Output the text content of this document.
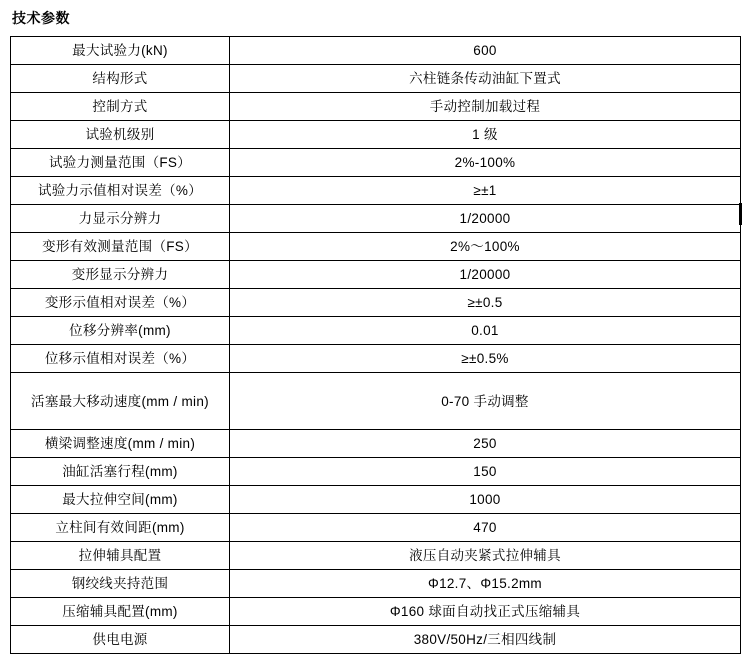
技术参数
最大试验力(kN)	600
结构形式	六柱链条传动油缸下置式
控制方式	手动控制加载过程
试验机级别	1 级
试验力测量范围（FS）	2%-100%
试验力示值相对误差（%）	≥±1
力显示分辨力	1/20000
变形有效测量范围（FS）	2%～100%
变形显示分辨力	1/20000
变形示值相对误差（%）	≥±0.5
位移分辨率(mm)	0.01
位移示值相对误差（%）	≥±0.5%
活塞最大移动速度(mm / min)	0-70 手动调整
横梁调整速度(mm / min)	250
油缸活塞行程(mm)	150
最大拉伸空间(mm)	1000
立柱间有效间距(mm)	470
拉伸辅具配置	液压自动夹紧式拉伸辅具
钢绞线夹持范围	Φ12.7、Φ15.2mm
压缩辅具配置(mm)	Φ160 球面自动找正式压缩辅具
供电电源	380V/50Hz/三相四线制
